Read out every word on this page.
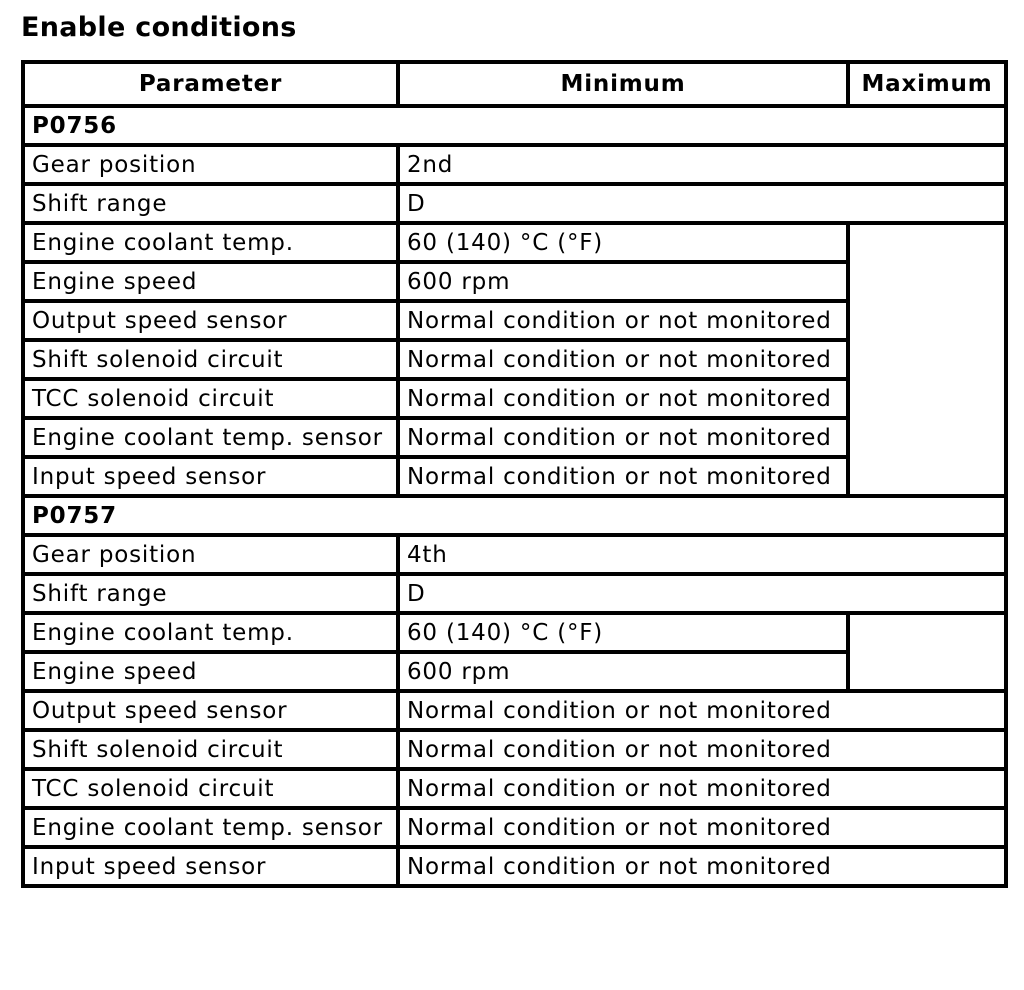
Enable conditions
Parameter	Minimum	Maximum
P0756		
Gear position	2nd	
Shift range	D	
Engine coolant temp.	60 (140) °C (°F)	
Engine speed	600 rpm	
Output speed sensor	Normal condition or not monitored	
Shift solenoid circuit	Normal condition or not monitored	
TCC solenoid circuit	Normal condition or not monitored	
Engine coolant temp. sensor	Normal condition or not monitored	
Input speed sensor	Normal condition or not monitored	
P0757		
Gear position	4th	
Shift range	D	
Engine coolant temp.	60 (140) °C (°F)	
Engine speed	600 rpm	
Output speed sensor	Normal condition or not monitored	
Shift solenoid circuit	Normal condition or not monitored	
TCC solenoid circuit	Normal condition or not monitored	
Engine coolant temp. sensor	Normal condition or not monitored	
Input speed sensor	Normal condition or not monitored	
